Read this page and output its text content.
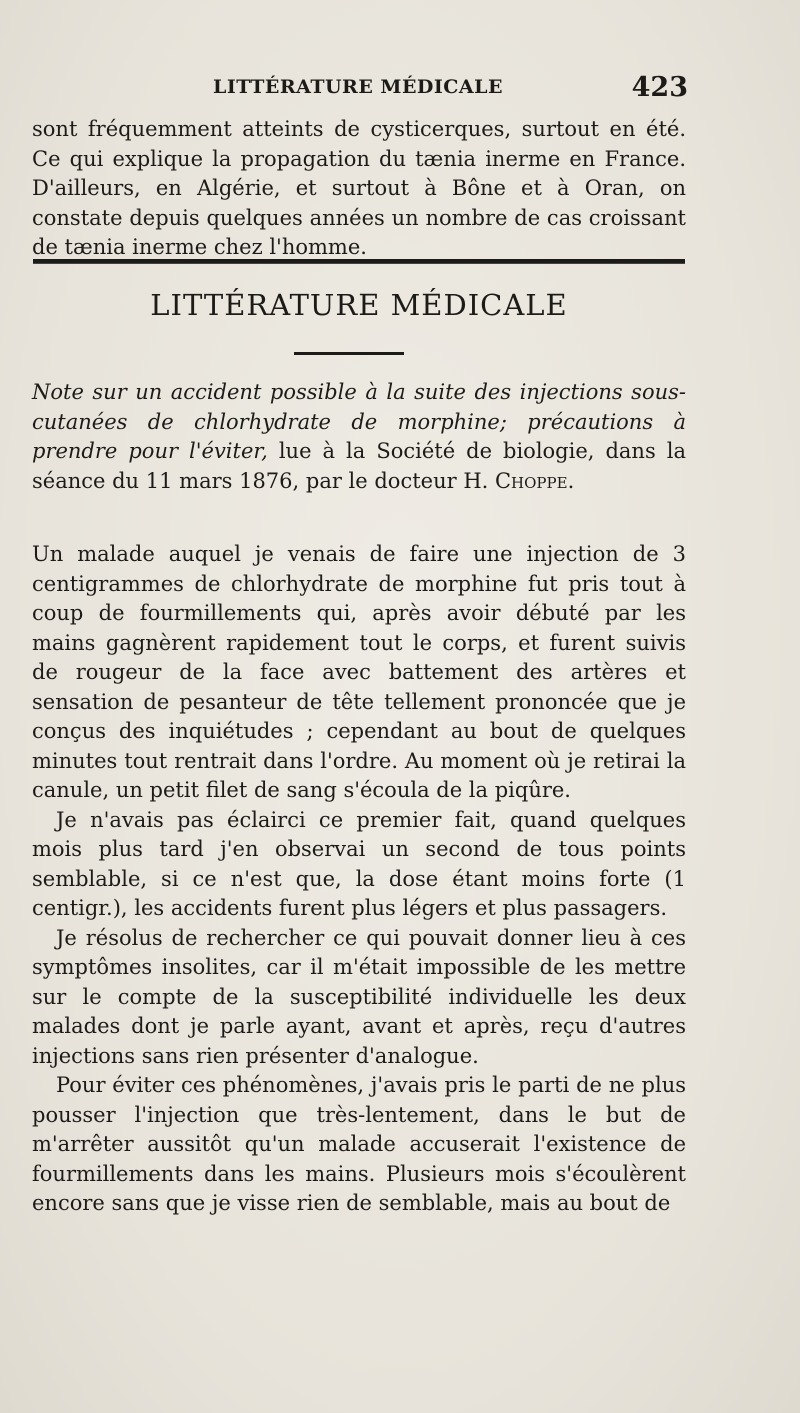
LITTÉRATURE MÉDICALE	423

sont fréquemment atteints de cysticerques, surtout en été. Ce qui explique la propagation du tænia inerme en France. D'ailleurs, en Algérie, et surtout à Bône et à Oran, on constate depuis quelques années un nombre de cas croissant de tænia inerme chez l'homme.

LITTÉRATURE MÉDICALE

Note sur un accident possible à la suite des injections sous-cutanées de chlorhydrate de morphine; précautions à prendre pour l'éviter, lue à la Société de biologie, dans la séance du 11 mars 1876, par le docteur H. Choppe.

Un malade auquel je venais de faire une injection de 3 centigrammes de chlorhydrate de morphine fut pris tout à coup de fourmillements qui, après avoir débuté par les mains gagnèrent rapidement tout le corps, et furent suivis de rougeur de la face avec battement des artères et sensation de pesanteur de tête tellement prononcée que je conçus des inquiétudes ; cependant au bout de quelques minutes tout rentrait dans l'ordre. Au moment où je retirai la canule, un petit filet de sang s'écoula de la piqûre.

Je n'avais pas éclairci ce premier fait, quand quelques mois plus tard j'en observai un second de tous points semblable, si ce n'est que, la dose étant moins forte (1 centigr.), les accidents furent plus légers et plus passagers.

Je résolus de rechercher ce qui pouvait donner lieu à ces symptômes insolites, car il m'était impossible de les mettre sur le compte de la susceptibilité individuelle les deux malades dont je parle ayant, avant et après, reçu d'autres injections sans rien présenter d'analogue.

Pour éviter ces phénomènes, j'avais pris le parti de ne plus pousser l'injection que très-lentement, dans le but de m'arrêter aussitôt qu'un malade accuserait l'existence de fourmillements dans les mains. Plusieurs mois s'écoulèrent encore sans que je visse rien de semblable, mais au bout de
